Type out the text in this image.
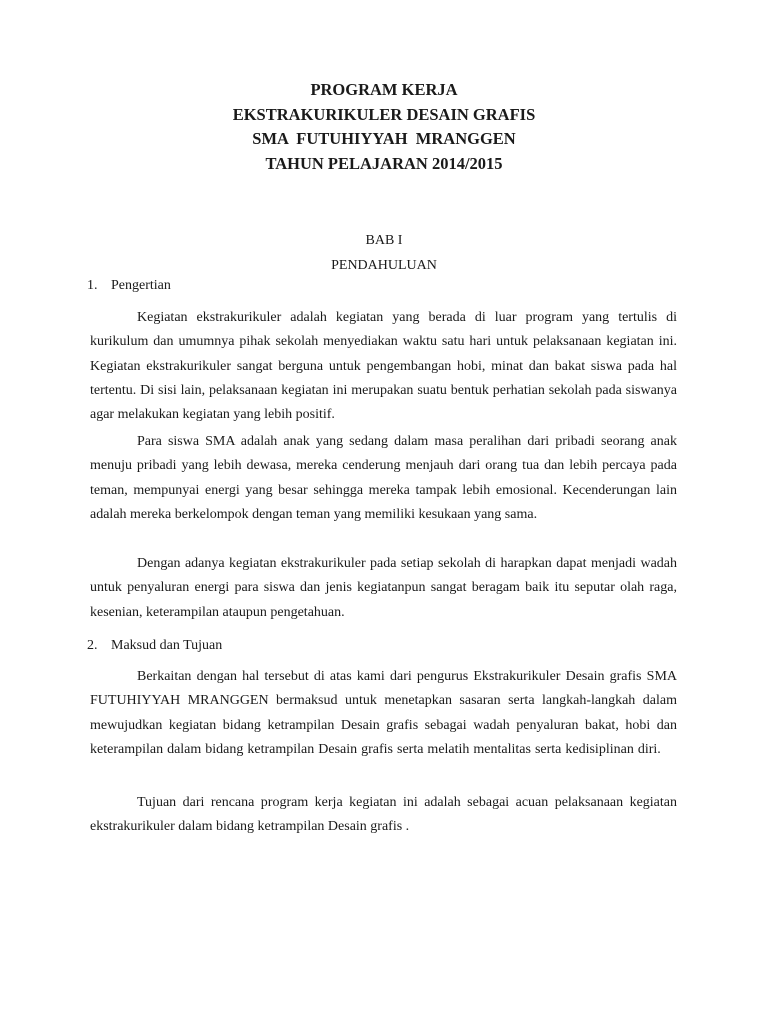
PROGRAM KERJA
EKSTRAKURIKULER DESAIN GRAFIS
SMA  FUTUHIYYAH  MRANGGEN
TAHUN PELAJARAN 2014/2015
BAB I
PENDAHULUAN
1. Pengertian

Kegiatan ekstrakurikuler adalah kegiatan yang berada di luar program yang tertulis di kurikulum dan umumnya pihak sekolah menyediakan waktu satu hari untuk pelaksanaan kegiatan ini. Kegiatan ekstrakurikuler sangat berguna untuk pengembangan hobi, minat dan bakat siswa pada hal tertentu. Di sisi lain, pelaksanaan kegiatan ini merupakan suatu bentuk perhatian sekolah pada siswanya agar melakukan kegiatan yang lebih positif.

Para siswa SMA adalah anak yang sedang dalam masa peralihan dari pribadi seorang anak menuju pribadi yang lebih dewasa, mereka cenderung menjauh dari orang tua dan lebih percaya pada teman, mempunyai energi yang besar sehingga mereka tampak lebih emosional. Kecenderungan lain adalah mereka berkelompok dengan teman yang memiliki kesukaan yang sama.

Dengan adanya kegiatan ekstrakurikuler pada setiap sekolah di harapkan dapat menjadi wadah untuk penyaluran energi para siswa dan jenis kegiatanpun sangat beragam baik itu seputar olah raga, kesenian, keterampilan ataupun pengetahuan.

2. Maksud dan Tujuan

Berkaitan dengan hal tersebut di atas kami dari pengurus Ekstrakurikuler Desain grafis SMA FUTUHIYYAH MRANGGEN bermaksud untuk menetapkan sasaran serta langkah-langkah dalam mewujudkan kegiatan bidang ketrampilan Desain grafis sebagai wadah penyaluran bakat, hobi dan keterampilan dalam bidang ketrampilan Desain grafis serta melatih mentalitas serta kedisiplinan diri.

Tujuan dari rencana program kerja kegiatan ini adalah sebagai acuan pelaksanaan kegiatan ekstrakurikuler dalam bidang ketrampilan Desain grafis .
